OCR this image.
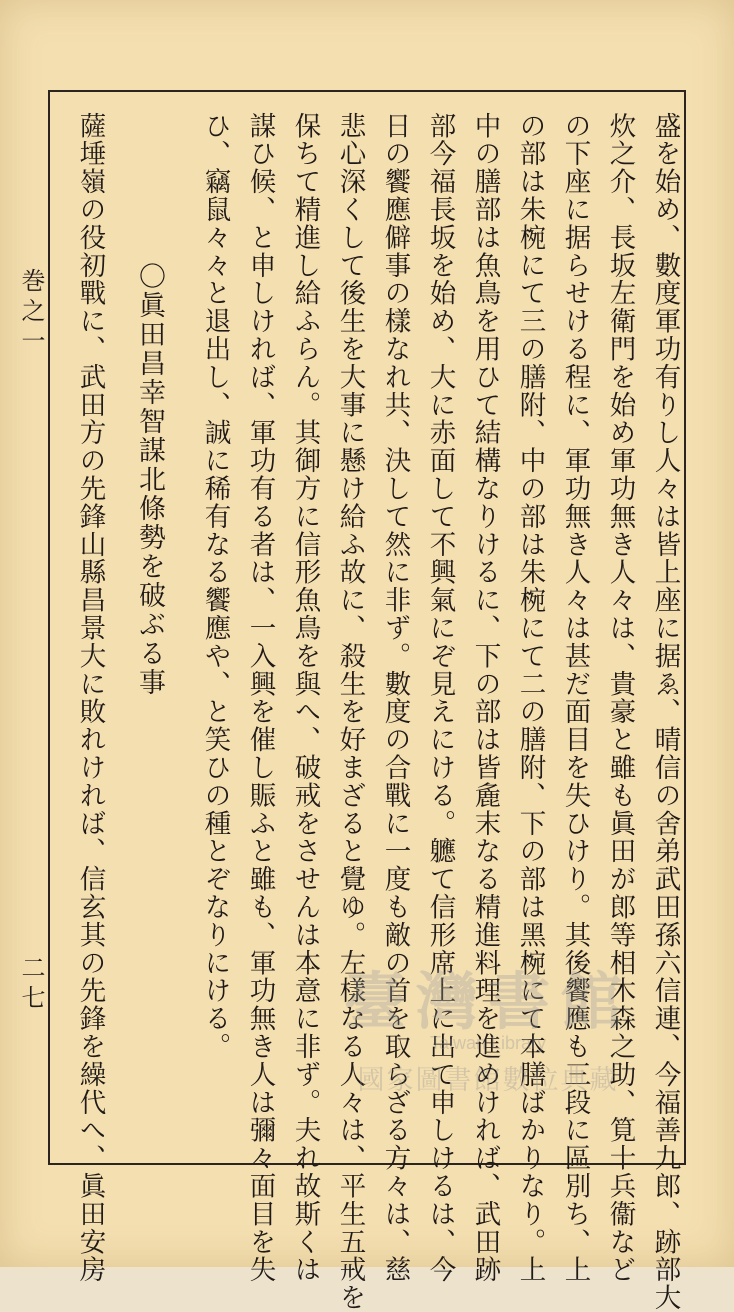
巻之一
二七	盛を始め、數度軍功有りし人々は皆上座に据ゑ、晴信の舍弟武田孫六信連、今福善九郎、跡部大
炊之介、長坂左衛門を始め軍功無き人々は、貴豪と雖も眞田が郎等相木森之助、筧十兵衞など
の下座に据らせける程に、軍功無き人々は甚だ面目を失ひけり。其後饗應も三段に區別ち、上
の部は朱椀にて三の膳附、中の部は朱椀にて二の膳附、下の部は黑椀にて本膳ばかりなり。上
中の膳部は魚鳥を用ひて結構なりけるに、下の部は皆麁末なる精進料理を進めければ、武田跡
部今福長坂を始め、大に赤面して不興氣にぞ見えにける。軈て信形席上に出て申しけるは、今
日の饗應僻事の樣なれ共、決して然に非ず。數度の合戰に一度も敵の首を取らざる方々は、慈
悲心深くして後生を大事に懸け給ふ故に、殺生を好まざると覺ゆ。左樣なる人々は、平生五戒を
保ちて精進し給ふらん。其御方に信形魚鳥を與へ、破戒をさせんは本意に非ず。夫れ故斯くは
謀ひ候、と申しければ、軍功有る者は、一入興を催し賑ふと雖も、軍功無き人は彌々面目を失
ひ、竊鼠々々と退出し、誠に稀有なる饗應や、と笑ひの種とぞなりにける。
〇眞田昌幸智謀北條勢を破ぶる事
薩埵嶺の役初戰に、武田方の先鋒山縣昌景大に敗れければ、信玄其の先鋒を繰代へ、眞田安房	臺灣書館
Taiwan Library
國家圖書館數位典藏
